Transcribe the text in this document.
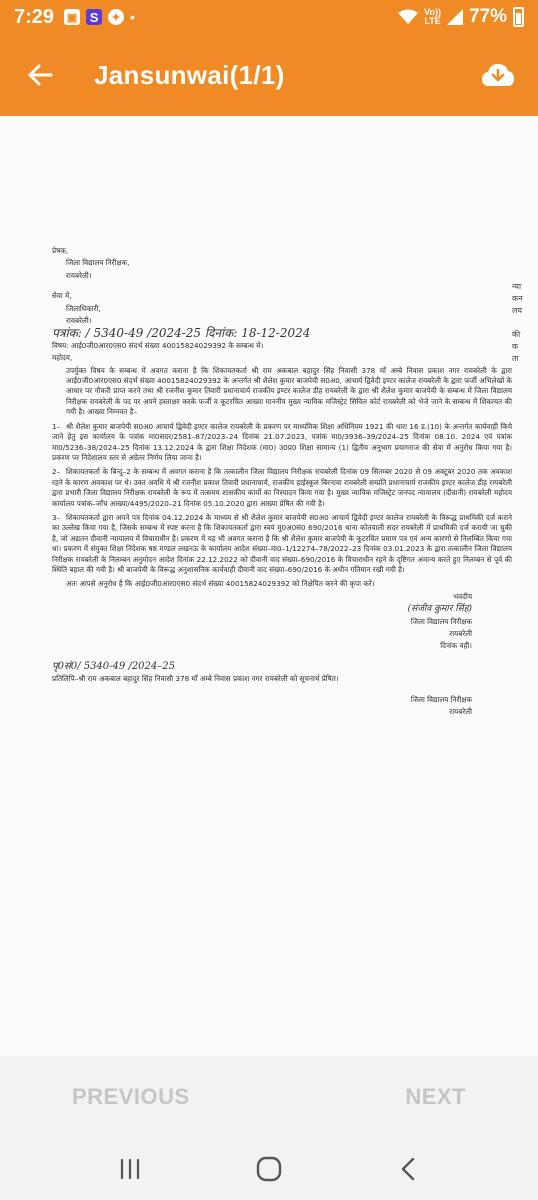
7:29 ▣ S	✦ •	Vo))
LTE 77%
Jansunwai(1/1)

प्रेषक,

जिला विद्यालय निरीक्षक,

रायबरेली।

सेवा में,

जिलाधिकारी,

रायबरेली।

पत्रांक: / 5340-49 /2024-25 दिनांक: 18-12-2024

विषय: आई0जी0आर0एस0 संदर्भ संख्या 40015824029392 के सम्बन्ध में।

महोदय,

उपर्युक्त विषय के सम्बन्ध में अवगत कराना है कि शिकायतकर्ता श्री राम अकबाल बहादुर सिंह निवासी 378 माँ अम्बे निवास प्रकाश नगर रायबरेली के द्वारा आई0जी0आर0एस0 संदर्भ संख्या 40015824029392 के अन्तर्गत श्री शैलेश कुमार बाजपेयी स0अ0, आचार्य द्विवेदी इण्टर कालेज रायबरेली के द्वारा फर्जी अभिलेखों के आधार पर नौकरी प्राप्त करने तथा श्री रजनीश कुमार तिवारी प्रधानाचार्य राजकीय इण्टर कालेज डीह रायबरेली के द्वारा श्री शैलेश कुमार बाजपेयी के सम्बन्ध में जिला विद्यालय निरीक्षक रायबरेली के पद पर अपने हस्ताक्षर करके फर्जी व कूटरचित आख्या माननीय मुख्य न्यायिक मजिस्ट्रेट सिविल कोर्ट रायबरेली को भेजे जाने के सम्बन्ध में शिकायत की गयी है। आख्या निम्नवत है–

1– श्री शैलेश कुमार बाजपेयी स0अ0 आचार्य द्विवेदी इण्टर कालेज रायबरेली के प्रकरण पर माध्यमिक शिक्षा अधिनियम 1921 की धारा 16 ड.(10) के अन्तर्गत कार्यवाही किये जाने हेतु इस कार्यालय के पत्रांक मा0सदर/2581–87/2023–24 दिनांक 21.07.2023, पत्रांक मा0/3936–39/2024–25 दिनांक 08.10. 2024 एवं पत्रांक मा0/5236–38/2024–25 दिनांक 13.12.2024 के द्वारा शिक्षा निदेशक (मा0) उ0प्र0 शिक्षा सामान्य (1) द्वितीय अनुभाग प्रयागराज की सेवा में अनुरोध किया गया है। प्रकरण पर निदेशालय स्तर से अग्रेतर निर्णय लिया जाना है।

2– शिकायतकर्ता के बिन्दु–2 के सम्बन्ध में अवगत कराना है कि तत्कालीन जिला विद्यालय निरीक्षक रायबरेली दिनांक 09 सितम्बर 2020 से 09 अक्टूबर 2020 तक अवकाश रहने के कारण अवकाश पर थे। उक्त अवधि में श्री रजनीश प्रकाश तिवारी प्रधानाचार्य, राजकीय हाईस्कूल बिरनावा रायबरेली सम्प्रति प्रधानाचार्य राजकीय इण्टर कालेज डीह रायबरेली द्वारा प्रभारी जिला विद्यालय निरीक्षक रायबरेली के रूप में तत्समय शासकीय कार्यो का निस्पादन किया गया है। मुख्य न्यायिक मजिस्ट्रेट जनपद न्यायालय (दीवानी) रायबरेली महोदय कार्यालय पत्रांक–जाँच आख्या/4495/2020–21 दिनांक 05.10.2020 द्वारा आख्या प्रेषित की गयी है।

3– शिकायतकर्ता द्वारा अपने पत्र दिनांक 04.12.2024 के माध्यम से श्री शैलेश कुमार बाजपेयी स0अ0 आचार्य द्विवेदी इण्टर कालेज रायबरेली के विरूद्ध प्राथमिकी दर्ज कराने का उल्लेख किया गया है, जिसके सम्बन्ध में स्पष्ट करना है कि शिकायतकर्ता द्वारा स्वयं मु0अ0सं0 690/2016 थाना कोतवाली सदर रायबरेली में प्राथमिकी दर्ज करायी जा चुकी है, जो अद्यतन दीवानी न्यायालय में विचाराधीन है। प्रकरण में यह भी अवगत कराना है कि श्री शैलेश कुमार बाजपेयी के कूटरचित प्रमाण पत्र एवं अन्य कारणो से निलम्बित किया गया था। प्रकरण में संयुक्त शिक्षा निदेशक षष्ठ मण्डल लखनऊ के कार्यालय आदेश संख्या–मा0–1/12274–78/2022–23 दिनांक 03.01.2023 के द्वारा तत्कालीन जिला विद्यालय निरीक्षक रायबरेली के निलम्बन अनुमोदन आदेश दिनांक 22.12.2022 को दीवानी वाद संख्या–690/2016 के विचाराधीन रहने के दृष्टिगत अमान्य करते हुए निलम्बन से पूर्व की स्थिति बहाल की गयी है। श्री बाजपेयी के विरूद्ध अनुशासनिक कार्यवाही दीवानी वाद संख्या–690/2016 के अधीन गतिमान रखी गयी है।

अतः आपसे अनुरोध है कि आई0जी0आर0एस0 संदर्भ संख्या 40015824029392 को निक्षेपित करने की कृपा करें।

भवदीय

(संजीव कुमार सिंह)

जिला विद्यालय निरीक्षक

रायबरेली

दिनांक वही।

पृ0सं0/ 5340-49 /2024–25

प्रतिलिपि–श्री राम अकबाल बहादुर सिंह निवासी 378 माँ अम्बे निवास प्रकाश नगर रायबरेली को सूचनार्थ प्रेषित।

जिला विद्यालय निरीक्षक

रायबरेली

न्या
कन
लय

की
क
ता
PREVIOUS	NEXT
